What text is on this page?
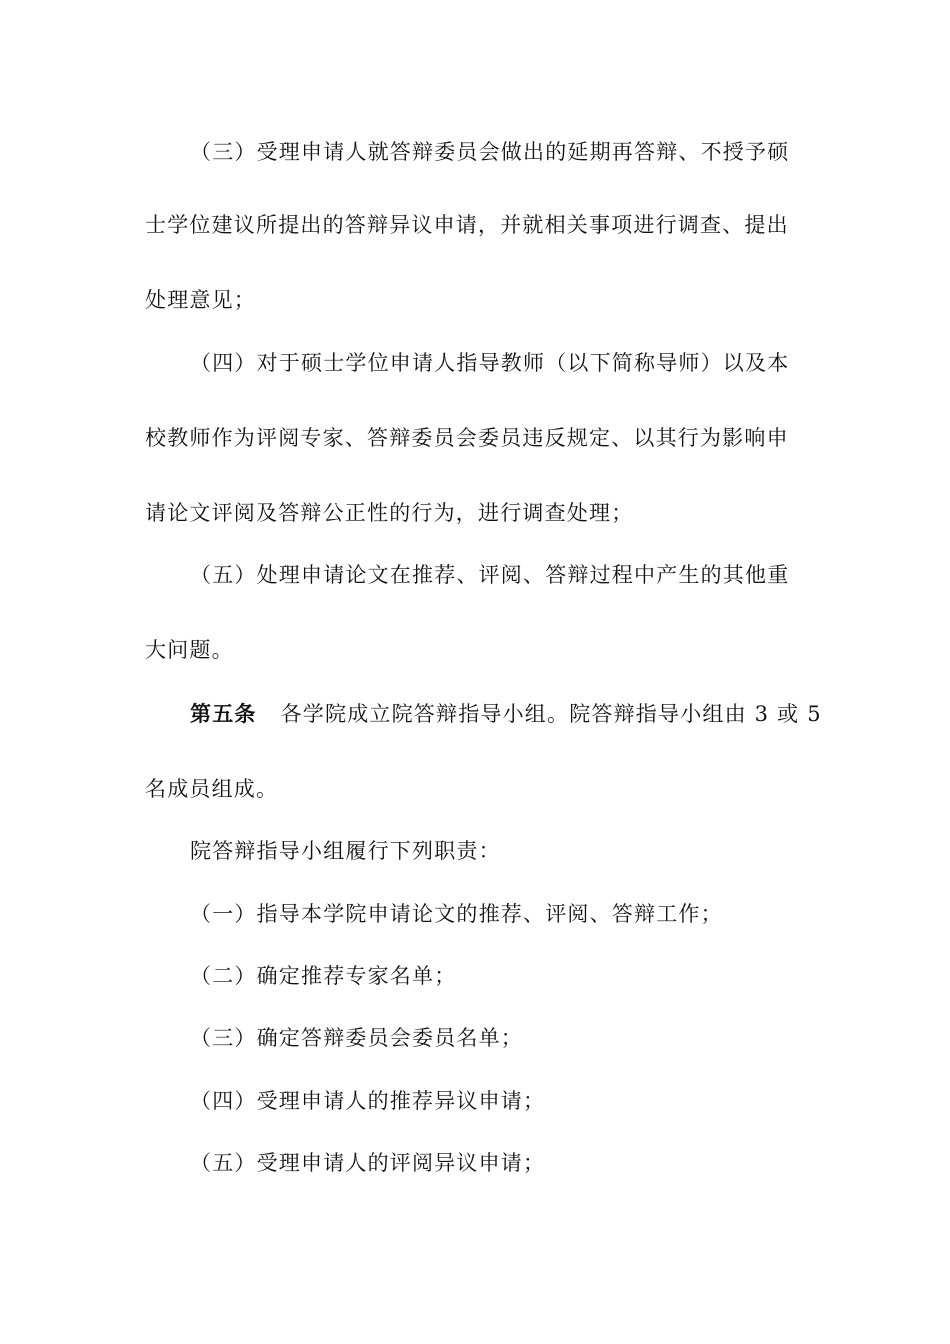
（三）受理申请人就答辩委员会做出的延期再答辩、不授予硕
士学位建议所提出的答辩异议申请，并就相关事项进行调查、提出
处理意见；
（四）对于硕士学位申请人指导教师（以下简称导师）以及本
校教师作为评阅专家、答辩委员会委员违反规定、以其行为影响申
请论文评阅及答辩公正性的行为，进行调查处理；
（五）处理申请论文在推荐、评阅、答辩过程中产生的其他重
大问题。
第五条 各学院成立院答辩指导小组。院答辩指导小组由 3 或 5
名成员组成。
院答辩指导小组履行下列职责：
（一）指导本学院申请论文的推荐、评阅、答辩工作；
（二）确定推荐专家名单；
（三）确定答辩委员会委员名单；
（四）受理申请人的推荐异议申请；
（五）受理申请人的评阅异议申请；
